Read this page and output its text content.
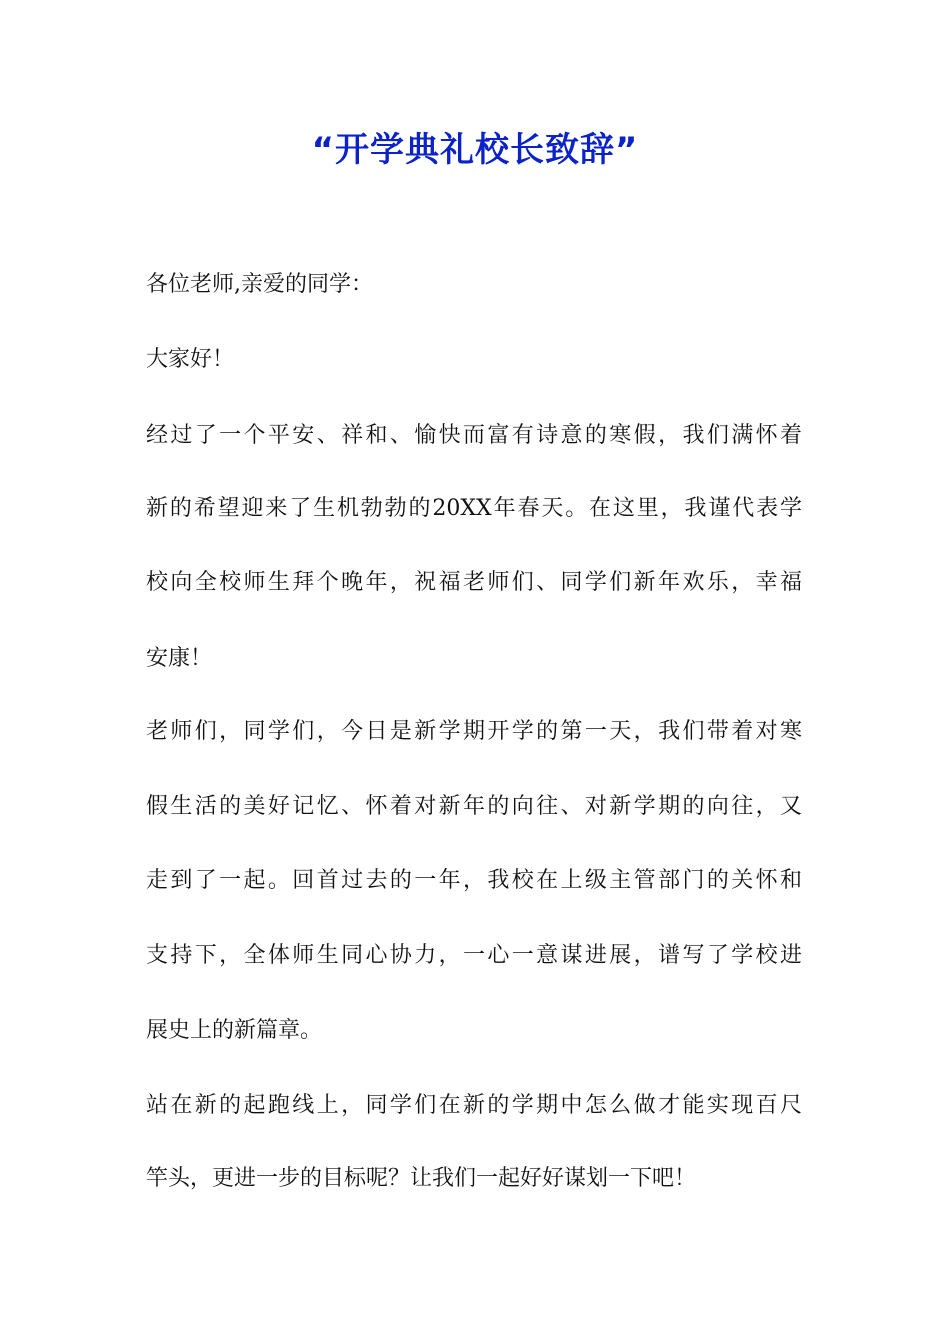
“开学典礼校长致辞”
各位老师,亲爱的同学：
大家好！
经过了一个平安、祥和、愉快而富有诗意的寒假，我们满怀着
新的希望迎来了生机勃勃的20XX年春天。在这里，我谨代表学
校向全校师生拜个晚年，祝福老师们、同学们新年欢乐，幸福
安康！
老师们，同学们，今日是新学期开学的第一天，我们带着对寒
假生活的美好记忆、怀着对新年的向往、对新学期的向往，又
走到了一起。回首过去的一年，我校在上级主管部门的关怀和
支持下，全体师生同心协力，一心一意谋进展，谱写了学校进
展史上的新篇章。
站在新的起跑线上，同学们在新的学期中怎么做才能实现百尺
竿头，更进一步的目标呢？让我们一起好好谋划一下吧！
